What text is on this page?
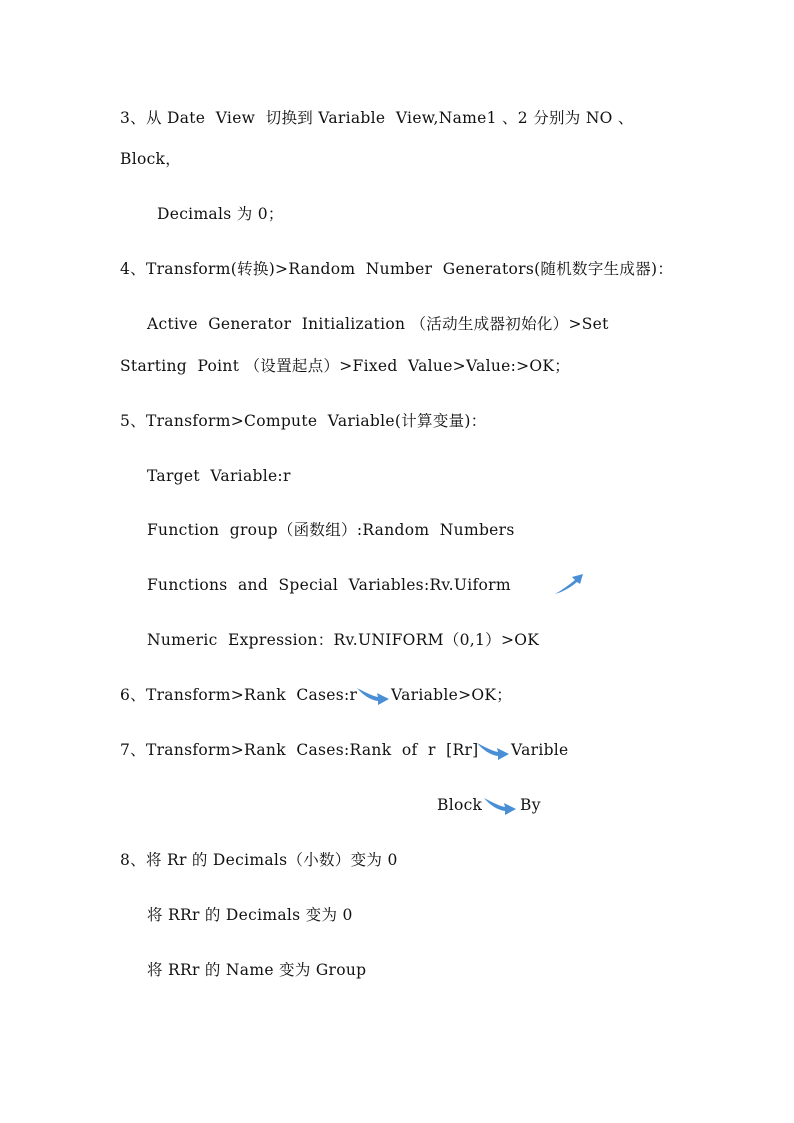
3、从 Date  View  切换到 Variable  View,Name1 、2 分别为 NO 、
Block，
Decimals 为 0；
4、Transform(转换)>Random  Number  Generators(随机数字生成器)：
Active  Generator  Initialization （活动生成器初始化）>Set
Starting  Point （设置起点）>Fixed  Value>Value:>OK；
5、Transform>Compute  Variable(计算变量)：
Target  Variable:r
Function  group（函数组）:Random  Numbers
Functions  and  Special  Variables:Rv.Uiform
Numeric  Expression：Rv.UNIFORM（0,1）>OK
6、Transform>Rank  Cases:r Variable>OK；
7、Transform>Rank  Cases:Rank  of  r  [Rr] Varible
Block By
8、将 Rr 的 Decimals（小数）变为 0
将 RRr 的 Decimals 变为 0
将 RRr 的 Name 变为 Group
